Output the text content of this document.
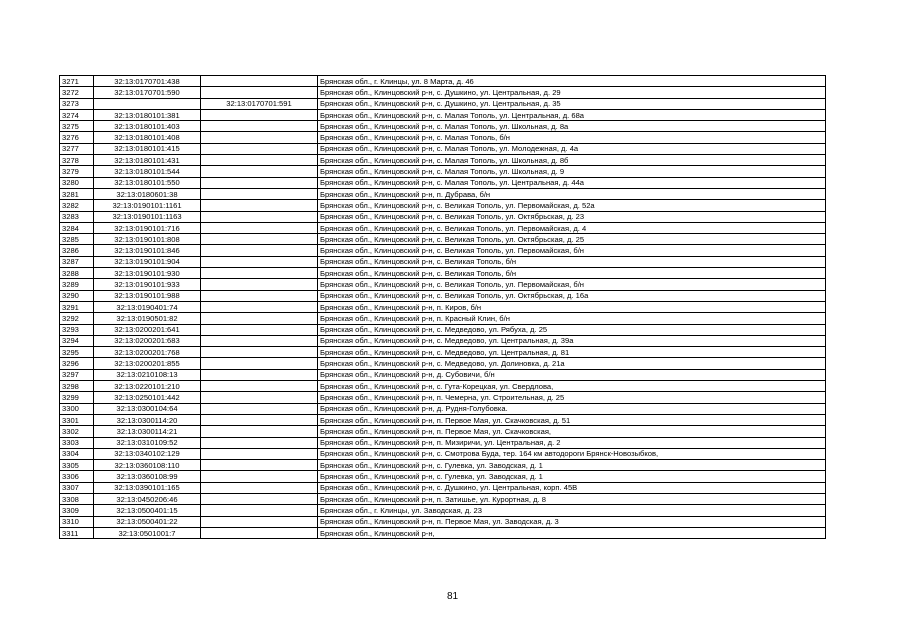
3271	32:13:0170701:438		Брянская обл., г. Клинцы, ул. 8 Марта, д. 46
3272	32:13:0170701:590		Брянская обл., Клинцовский р-н, с. Душкино, ул. Центральная, д. 29
3273		32:13:0170701:591	Брянская обл., Клинцовский р-н, с. Душкино, ул. Центральная, д. 35
3274	32:13:0180101:381		Брянская обл., Клинцовский р-н, с. Малая Тополь, ул. Центральная, д. 68а
3275	32:13:0180101:403		Брянская обл., Клинцовский р-н, с. Малая Тополь, ул. Школьная, д. 8а
3276	32:13:0180101:408		Брянская обл., Клинцовский р-н, с. Малая Тополь, б/н
3277	32:13:0180101:415		Брянская обл., Клинцовский р-н, с. Малая Тополь, ул. Молодежная, д. 4а
3278	32:13:0180101:431		Брянская обл., Клинцовский р-н, с. Малая Тополь, ул. Школьная, д. 8б
3279	32:13:0180101:544		Брянская обл., Клинцовский р-н, с. Малая Тополь, ул. Школьная, д. 9
3280	32:13:0180101:550		Брянская обл., Клинцовский р-н, с. Малая Тополь, ул. Центральная, д. 44а
3281	32:13:0180601:38		Брянская обл., Клинцовский р-н, п. Дубрава, б/н
3282	32:13:0190101:1161		Брянская обл., Клинцовский р-н, с. Великая Тополь, ул. Первомайская, д. 52а
3283	32:13:0190101:1163		Брянская обл., Клинцовский р-н, с. Великая Тополь, ул. Октябрьская, д. 23
3284	32:13:0190101:716		Брянская обл., Клинцовский р-н, с. Великая Тополь, ул. Первомайская, д. 4
3285	32:13:0190101:808		Брянская обл., Клинцовский р-н, с. Великая Тополь, ул. Октябрьская, д. 25
3286	32:13:0190101:846		Брянская обл., Клинцовский р-н, с. Великая Тополь, ул. Первомайская, б/н
3287	32:13:0190101:904		Брянская обл., Клинцовский р-н, с. Великая Тополь, б/н
3288	32:13:0190101:930		Брянская обл., Клинцовский р-н, с. Великая Тополь, б/н
3289	32:13:0190101:933		Брянская обл., Клинцовский р-н, с. Великая Тополь, ул. Первомайская, б/н
3290	32:13:0190101:988		Брянская обл., Клинцовский р-н, с. Великая Тополь, ул. Октябрьская, д. 16а
3291	32:13:0190401:74		Брянская обл., Клинцовский р-н, п. Киров, б/н
3292	32:13:0190501:82		Брянская обл., Клинцовский р-н, п. Красный Клин, б/н
3293	32:13:0200201:641		Брянская обл., Клинцовский р-н, с. Медведово, ул. Рябуха, д. 25
3294	32:13:0200201:683		Брянская обл., Клинцовский р-н, с. Медведово, ул. Центральная, д. 39а
3295	32:13:0200201:768		Брянская обл., Клинцовский р-н, с. Медведово, ул. Центральная, д. 81
3296	32:13:0200201:855		Брянская обл., Клинцовский р-н, с. Медведово, ул. Долиновка, д. 21а
3297	32:13:0210108:13		Брянская обл., Клинцовский р-н, д. Субовичи, б/н
3298	32:13:0220101:210		Брянская обл., Клинцовский р-н, с. Гута-Корецкая, ул. Свердлова,
3299	32:13:0250101:442		Брянская обл., Клинцовский р-н, п. Чемерна, ул. Строительная, д. 25
3300	32:13:0300104:64		Брянская обл., Клинцовский р-н, д. Рудня-Голубовка.
3301	32:13:0300114:20		Брянская обл., Клинцовский р-н, п. Первое Мая, ул. Скачковская, д. 51
3302	32:13:0300114:21		Брянская обл., Клинцовский р-н, п. Первое Мая, ул. Скачковская,
3303	32:13:0310109:52		Брянская обл., Клинцовский р-н, п. Мизиричи, ул. Центральная, д. 2
3304	32:13:0340102:129		Брянская обл., Клинцовский р-н, с. Смотрова Буда, тер. 164 км автодороги Брянск-Новозыбков,
3305	32:13:0360108:110		Брянская обл., Клинцовский р-н, с. Гулевка, ул. Заводская, д. 1
3306	32:13:0360108:99		Брянская обл., Клинцовский р-н, с. Гулевка, ул. Заводская, д. 1
3307	32:13:0390101:165		Брянская обл., Клинцовский р-н, с. Душкино, ул. Центральная, корп. 45В
3308	32:13:0450206:46		Брянская обл., Клинцовский р-н, п. Затишье, ул. Курортная, д. 8
3309	32:13:0500401:15		Брянская обл., г. Клинцы, ул. Заводская, д. 23
3310	32:13:0500401:22		Брянская обл., Клинцовский р-н, п. Первое Мая, ул. Заводская, д. 3
3311	32:13:0501001:7		Брянская обл., Клинцовский р-н,
81
